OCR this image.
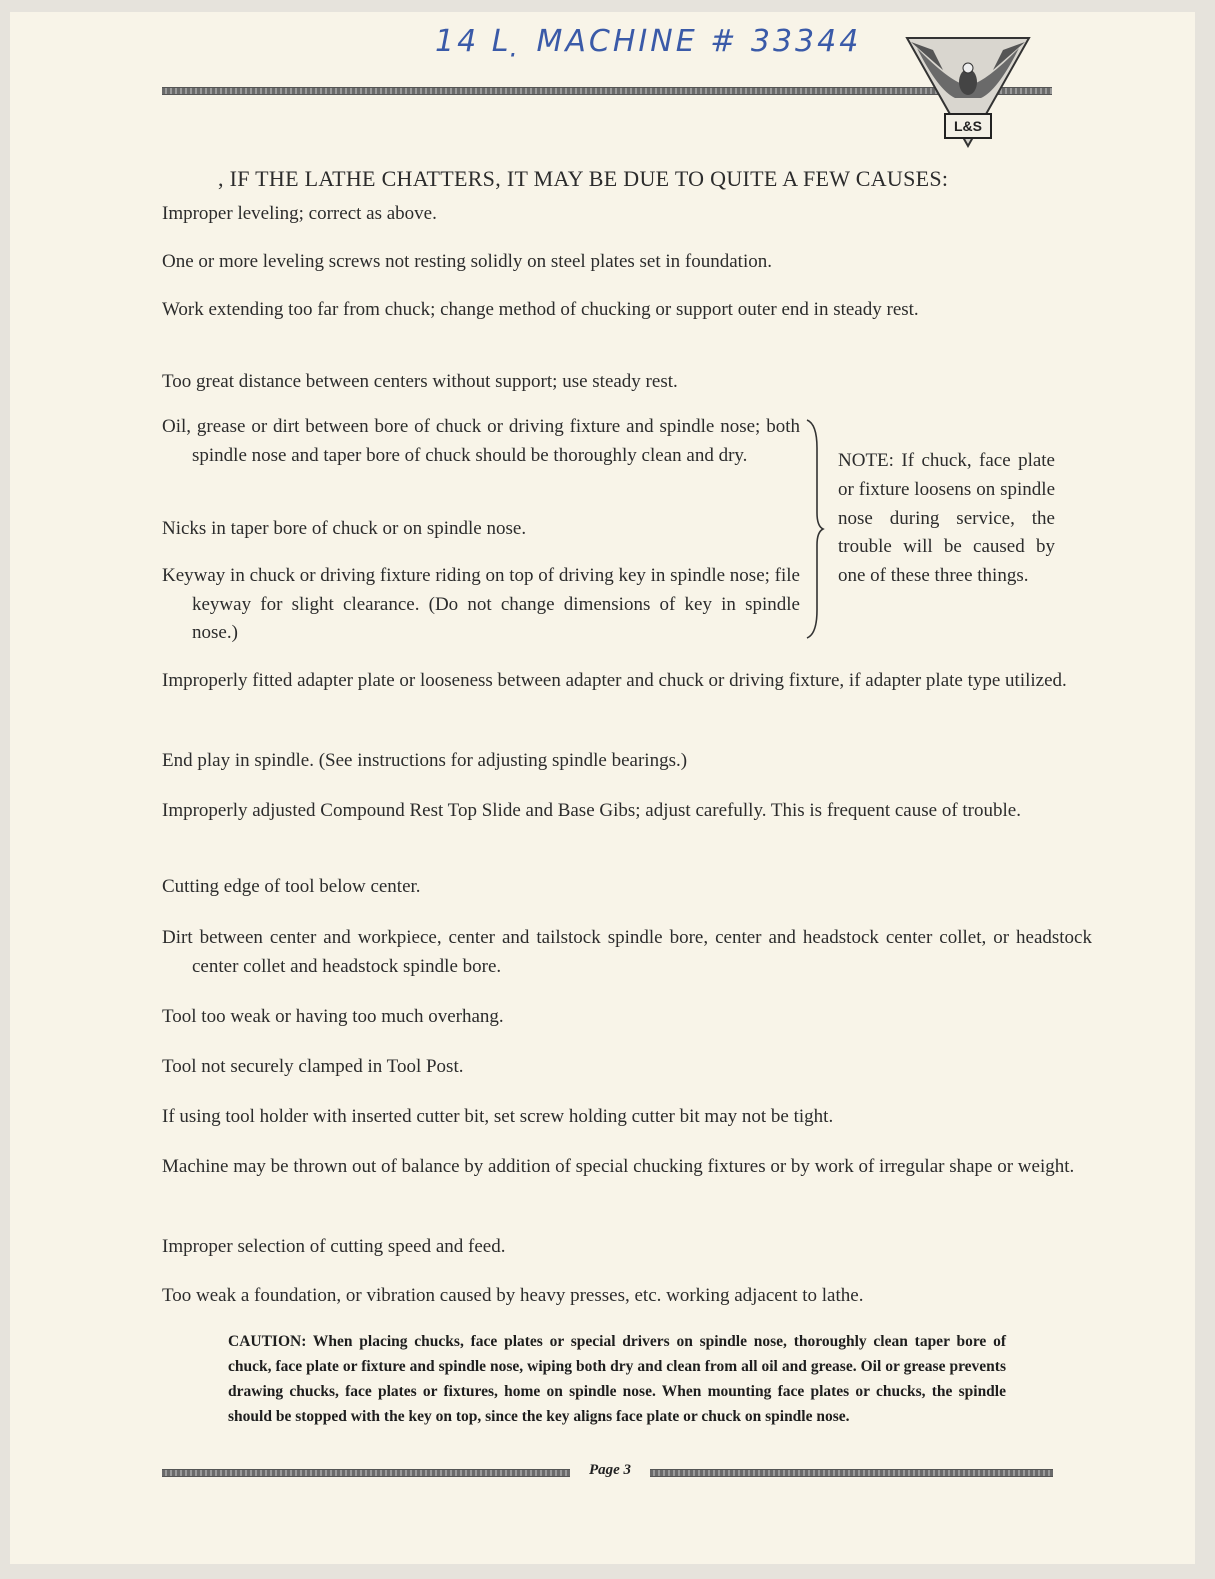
14 L ̣ MACHINE # 33344
L&S
, IF THE LATHE CHATTERS, IT MAY BE DUE TO QUITE A FEW CAUSES:
Improper leveling; correct as above.
One or more leveling screws not resting solidly on steel plates set in foundation.
Work extending too far from chuck; change method of chucking or support outer end in steady rest.
Too great distance between centers without support; use steady rest.
Oil, grease or dirt between bore of chuck or driving fixture and spindle nose; both spindle nose and taper bore of chuck should be thoroughly clean and dry.
Nicks in taper bore of chuck or on spindle nose.
Keyway in chuck or driving fixture riding on top of driving key in spindle nose; file keyway for slight clearance. (Do not change dimensions of key in spindle nose.)
Improperly fitted adapter plate or looseness between adapter and chuck or driving fixture, if adapter plate type utilized.
End play in spindle. (See instructions for adjusting spindle bearings.)
Improperly adjusted Compound Rest Top Slide and Base Gibs; adjust carefully. This is frequent cause of trouble.
Cutting edge of tool below center.
Dirt between center and workpiece, center and tailstock spindle bore, center and headstock center collet, or headstock center collet and headstock spindle bore.
Tool too weak or having too much overhang.
Tool not securely clamped in Tool Post.
If using tool holder with inserted cutter bit, set screw holding cutter bit may not be tight.
Machine may be thrown out of balance by addition of special chucking fixtures or by work of irregular shape or weight.
Improper selection of cutting speed and feed.
Too weak a foundation, or vibration caused by heavy presses, etc. working adjacent to lathe.
NOTE: If chuck, face plate or fixture loosens on spindle nose during service, the trouble will be caused by one of these three things.
CAUTION: When placing chucks, face plates or special drivers on spindle nose, thoroughly clean taper bore of chuck, face plate or fixture and spindle nose, wiping both dry and clean from all oil and grease. Oil or grease prevents drawing chucks, face plates or fixtures, home on spindle nose. When mounting face plates or chucks, the spindle should be stopped with the key on top, since the key aligns face plate or chuck on spindle nose.
Page 3
